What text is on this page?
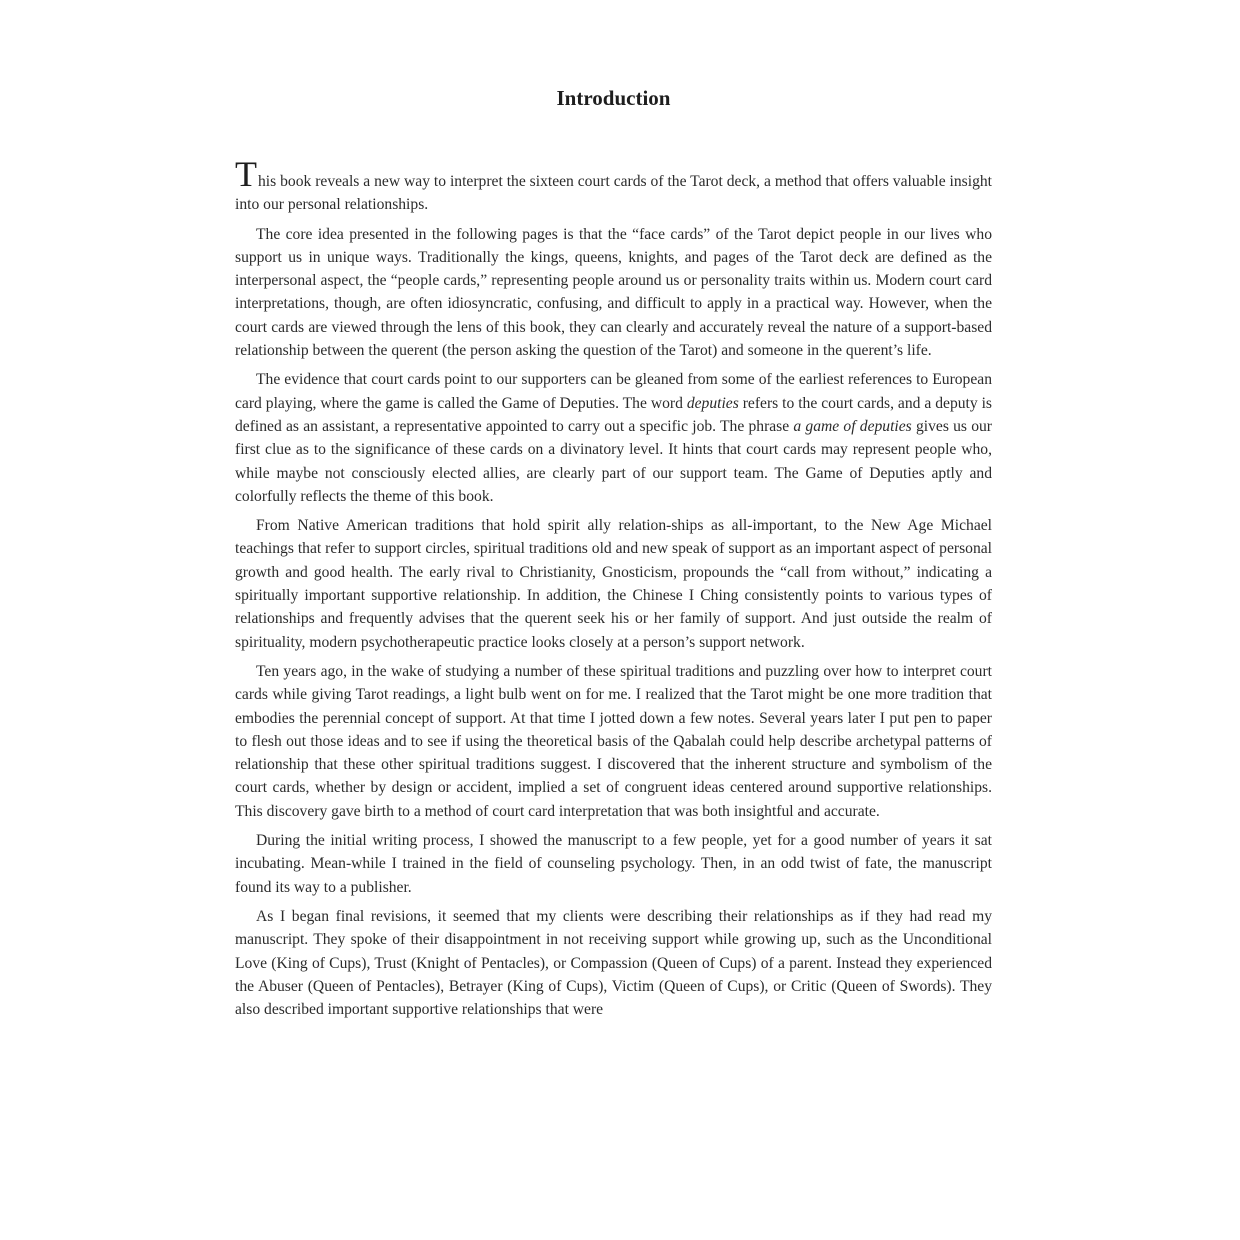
Introduction

This book reveals a new way to interpret the sixteen court cards of the Tarot deck, a method that offers valuable insight into our personal relationships.

The core idea presented in the following pages is that the “face cards” of the Tarot depict people in our lives who support us in unique ways. Traditionally the kings, queens, knights, and pages of the Tarot deck are defined as the interpersonal aspect, the “people cards,” representing people around us or personality traits within us. Modern court card interpretations, though, are often idiosyncratic, confusing, and difficult to apply in a practical way. However, when the court cards are viewed through the lens of this book, they can clearly and accurately reveal the nature of a support-based relationship between the querent (the person asking the question of the Tarot) and someone in the querent’s life.

The evidence that court cards point to our supporters can be gleaned from some of the earliest references to European card playing, where the game is called the Game of Deputies. The word deputies refers to the court cards, and a deputy is defined as an assistant, a representative appointed to carry out a specific job. The phrase a game of deputies gives us our first clue as to the significance of these cards on a divinatory level. It hints that court cards may represent people who, while maybe not consciously elected allies, are clearly part of our support team. The Game of Deputies aptly and colorfully reflects the theme of this book.

From Native American traditions that hold spirit ally relation-ships as all-important, to the New Age Michael teachings that refer to support circles, spiritual traditions old and new speak of support as an important aspect of personal growth and good health. The early rival to Christianity, Gnosticism, propounds the “call from without,” indicating a spiritually important supportive relationship. In addition, the Chinese I Ching consistently points to various types of relationships and frequently advises that the querent seek his or her family of support. And just outside the realm of spirituality, modern psychotherapeutic practice looks closely at a person’s support network.

Ten years ago, in the wake of studying a number of these spiritual traditions and puzzling over how to interpret court cards while giving Tarot readings, a light bulb went on for me. I realized that the Tarot might be one more tradition that embodies the perennial concept of support. At that time I jotted down a few notes. Several years later I put pen to paper to flesh out those ideas and to see if using the theoretical basis of the Qabalah could help describe archetypal patterns of relationship that these other spiritual traditions suggest. I discovered that the inherent structure and symbolism of the court cards, whether by design or accident, implied a set of congruent ideas centered around supportive relationships. This discovery gave birth to a method of court card interpretation that was both insightful and accurate.

During the initial writing process, I showed the manuscript to a few people, yet for a good number of years it sat incubating. Mean-while I trained in the field of counseling psychology. Then, in an odd twist of fate, the manuscript found its way to a publisher.

As I began final revisions, it seemed that my clients were describing their relationships as if they had read my manuscript. They spoke of their disappointment in not receiving support while growing up, such as the Unconditional Love (King of Cups), Trust (Knight of Pentacles), or Compassion (Queen of Cups) of a parent. Instead they experienced the Abuser (Queen of Pentacles), Betrayer (King of Cups), Victim (Queen of Cups), or Critic (Queen of Swords). They also described important supportive relationships that were
